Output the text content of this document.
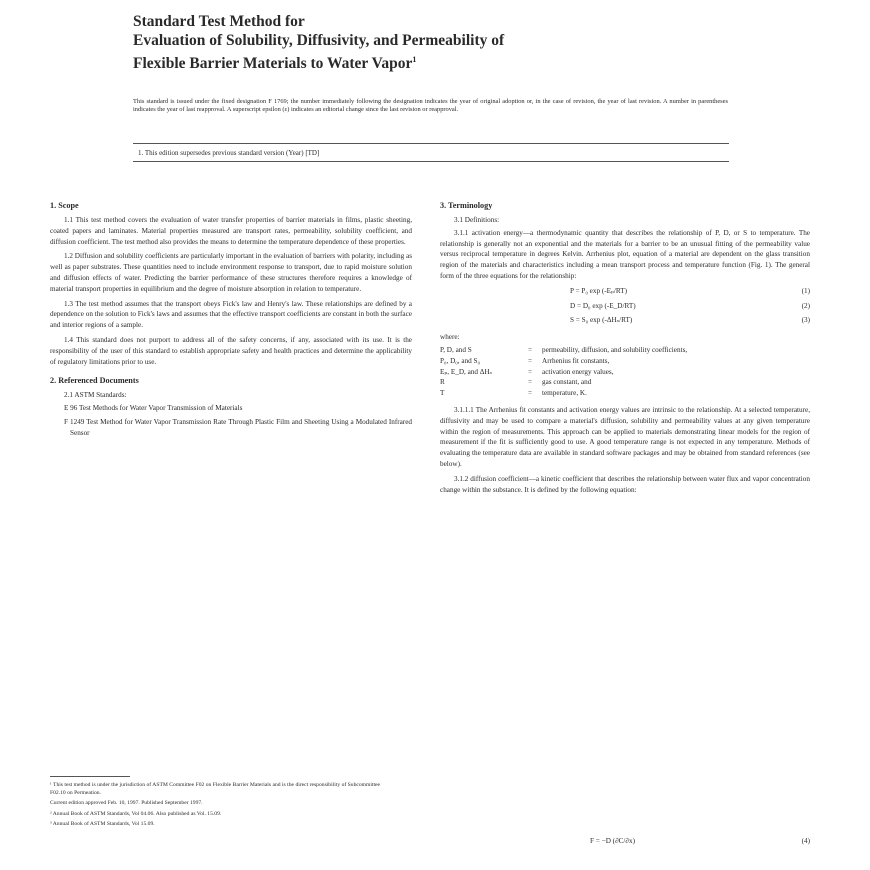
Standard Test Method for
Evaluation of Solubility, Diffusivity, and Permeability of
Flexible Barrier Materials to Water Vapor$^1$

This standard is issued under the fixed designation F 1769; the number immediately following the designation indicates the year of original adoption or, in the case of revision, the year of last revision. A number in parentheses indicates the year of last reapproval. A superscript epsilon (ε) indicates an editorial change since the last revision or reapproval.

1. This edition supersedes previous standard version (Year) [TD]

1. Scope

1.1 This test method covers the evaluation of water transfer properties of barrier materials in films, plastic sheeting, coated papers and laminates. Material properties measured are transport rates, permeability, solubility coefficient, and diffusion coefficient. The test method also provides the means to determine the temperature dependence of these properties.

1.2 Diffusion and solubility coefficients are particularly important in the evaluation of barriers with polarity, including as well as paper substrates. These quantities need to include environment response to transport, due to rapid moisture solution and diffusion effects of water. Predicting the barrier performance of these structures therefore requires a knowledge of material transport properties in equilibrium and the degree of moisture absorption in relation to temperature.

1.3 The test method assumes that the transport obeys Fick's law and Henry's law. These relationships are defined by a dependence on the solution to Fick's laws and assumes that the effective transport coefficients are constant in both the surface and interior regions of a sample.

1.4 This standard does not purport to address all of the safety concerns, if any, associated with its use. It is the responsibility of the user of this standard to establish appropriate safety and health practices and determine the applicability of regulatory limitations prior to use.

2. Referenced Documents

2.1 ASTM Standards:

E 96 Test Methods for Water Vapor Transmission of Materials

F 1249 Test Method for Water Vapor Transmission Rate Through Plastic Film and Sheeting Using a Modulated Infrared Sensor

3. Terminology

3.1 Definitions:

3.1.1 activation energy—a thermodynamic quantity that describes the relationship of P, D, or S to temperature. The relationship is generally not an exponential and the materials for a barrier to be an unusual fitting of the permeability value versus reciprocal temperature in degrees Kelvin. Arrhenius plot, equation of a material are dependent on the glass transition region of the materials and characteristics including a mean transport process and temperature function (Fig. 1). The general form of the three equations for the relationship:

P = P₀ exp (-Eₚ/RT)	(1)
D = D₀ exp (-E_D/RT)	(2)
S = S₀ exp (-ΔHₛ/RT)	(3)

where:

P, D, and S	=	permeability, diffusion, and solubility coefficients,
P₀, D₀, and S₀	=	Arrhenius fit constants,
Eₚ, E_D, and ΔHₛ	=	activation energy values,
R	=	gas constant, and
T	=	temperature, K.

3.1.1.1 The Arrhenius fit constants and activation energy values are intrinsic to the relationship. At a selected temperature, diffusivity and may be used to compare a material's diffusion, solubility and permeability values at any given temperature within the region of measurements. This approach can be applied to materials demonstrating linear models for the region of measurement if the fit is sufficiently good to use. A good temperature range is not expected in any temperature. Methods of evaluating the temperature data are available in standard software packages and may be obtained from standard references (see below).

3.1.2 diffusion coefficient—a kinetic coefficient that describes the relationship between water flux and vapor concentration change within the substance. It is defined by the following equation:

F = −D (∂C/∂x)	(4)

¹ This test method is under the jurisdiction of ASTM Committee F02 on Flexible Barrier Materials and is the direct responsibility of Subcommittee F02.10 on Permeation.

Current edition approved Feb. 10, 1997. Published September 1997.

² Annual Book of ASTM Standards, Vol 04.06. Also published as Vol. 15.09.

³ Annual Book of ASTM Standards, Vol 15.09.
